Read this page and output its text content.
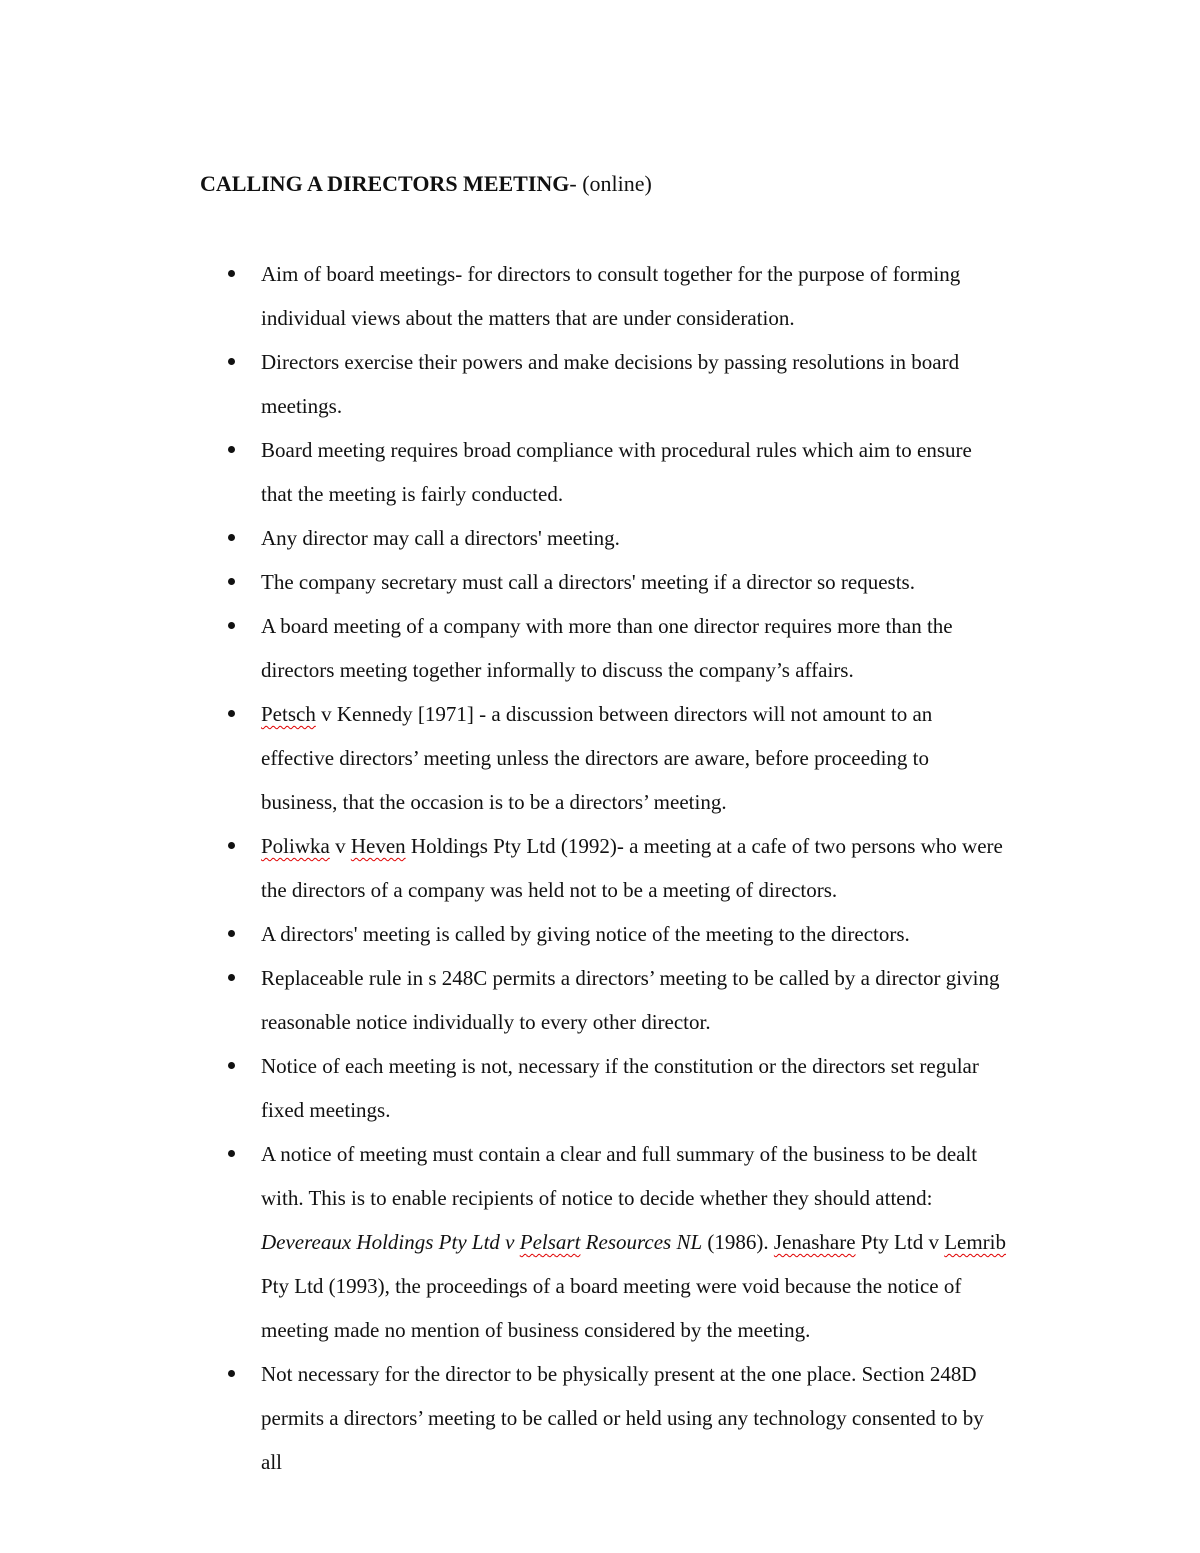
CALLING A DIRECTORS MEETING- (online)
Aim of board meetings- for directors to consult together for the purpose of forming individual views about the matters that are under consideration.
Directors exercise their powers and make decisions by passing resolutions in board meetings.
Board meeting requires broad compliance with procedural rules which aim to ensure that the meeting is fairly conducted.
Any director may call a directors' meeting.
The company secretary must call a directors' meeting if a director so requests.
A board meeting of a company with more than one director requires more than the directors meeting together informally to discuss the company’s affairs.
Petsch v Kennedy [1971] - a discussion between directors will not amount to an effective directors’ meeting unless the directors are aware, before proceeding to business, that the occasion is to be a directors’ meeting.
Poliwka v Heven Holdings Pty Ltd (1992)- a meeting at a cafe of two persons who were the directors of a company was held not to be a meeting of directors.
A directors' meeting is called by giving notice of the meeting to the directors.
Replaceable rule in s 248C permits a directors’ meeting to be called by a director giving reasonable notice individually to every other director.
Notice of each meeting is not, necessary if the constitution or the directors set regular fixed meetings.
A notice of meeting must contain a clear and full summary of the business to be dealt with. This is to enable recipients of notice to decide whether they should attend: Devereaux Holdings Pty Ltd v Pelsart Resources NL (1986). Jenashare Pty Ltd v Lemrib Pty Ltd (1993), the proceedings of a board meeting were void because the notice of meeting made no mention of business considered by the meeting.
Not necessary for the director to be physically present at the one place. Section 248D permits a directors’ meeting to be called or held using any technology consented to by all
